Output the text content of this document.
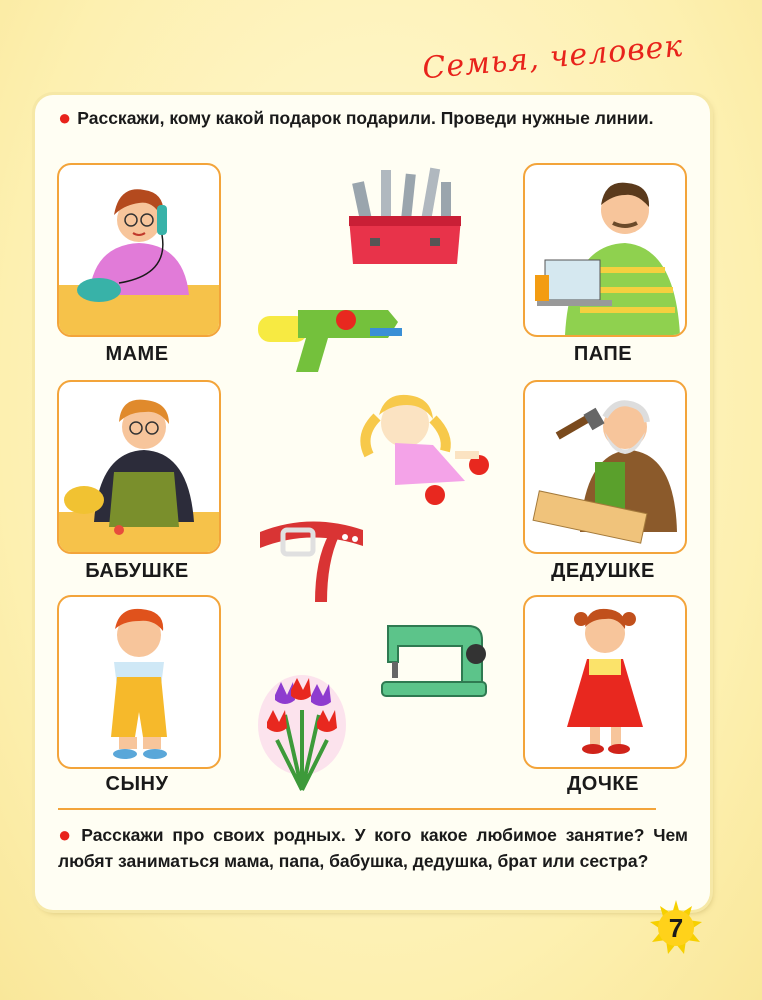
Семья, человек
● Расскажи, кому какой подарок подарили. Проведи нужные линии.
МАМЕ	ПАПЕ
БАБУШКЕ	ДЕДУШКЕ
СЫНУ	ДОЧКЕ
● Расскажи про своих родных. У кого какое любимое занятие? Чем любят заниматься мама, папа, бабушка, дедушка, брат или сестра?
7
